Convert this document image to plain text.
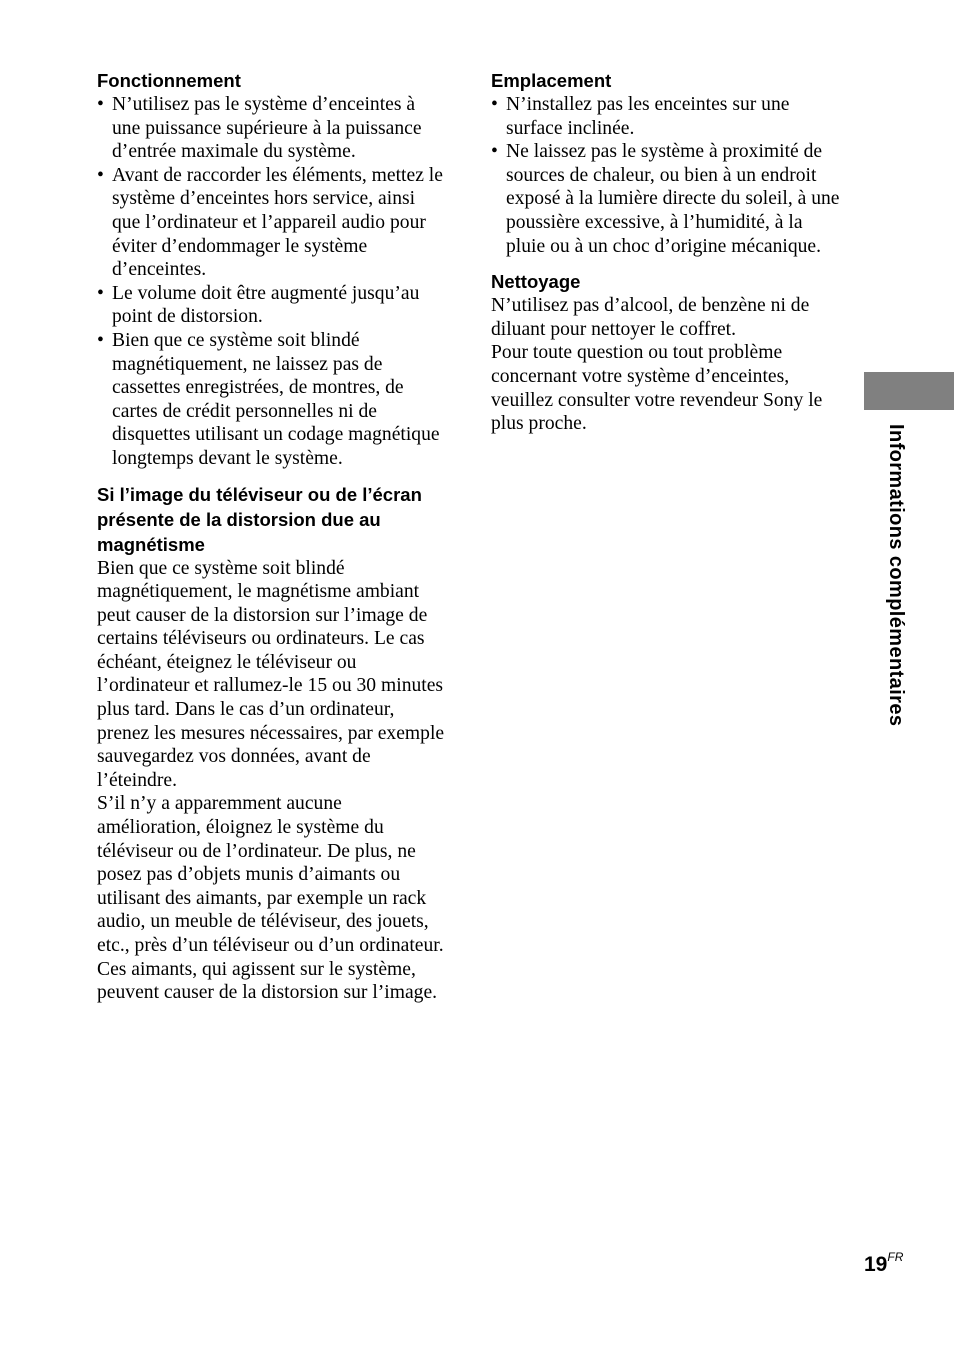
Fonctionnement
• N’utilisez pas le système d’enceintes à une puissance supérieure à la puissance d’entrée maximale du système.
• Avant de raccorder les éléments, mettez le système d’enceintes hors service, ainsi que l’ordinateur et l’appareil audio pour éviter d’endommager le système d’enceintes.
• Le volume doit être augmenté jusqu’au point de distorsion.
• Bien que ce système soit blindé magnétiquement, ne laissez pas de cassettes enregistrées, de montres, de cartes de crédit personnelles ni de disquettes utilisant un codage magnétique longtemps devant le système.
Si l’image du téléviseur ou de l’écran présente de la distorsion due au magnétisme

Bien que ce système soit blindé magnétiquement, le magnétisme ambiant peut causer de la distorsion sur l’image de certains téléviseurs ou ordinateurs. Le cas échéant, éteignez le téléviseur ou l’ordinateur et rallumez-le 15 ou 30 minutes plus tard. Dans le cas d’un ordinateur, prenez les mesures nécessaires, par exemple sauvegardez vos données, avant de l’éteindre.

S’il n’y a apparemment aucune amélioration, éloignez le système du téléviseur ou de l’ordinateur. De plus, ne posez pas d’objets munis d’aimants ou utilisant des aimants, par exemple un rack audio, un meuble de téléviseur, des jouets, etc., près d’un téléviseur ou d’un ordinateur. Ces aimants, qui agissent sur le système, peuvent causer de la distorsion sur l’image.

Emplacement
• N’installez pas les enceintes sur une surface inclinée.
• Ne laissez pas le système à proximité de sources de chaleur, ou bien à un endroit exposé à la lumière directe du soleil, à une poussière excessive, à l’humidité, à la pluie ou à un choc d’origine mécanique.
Nettoyage

N’utilisez pas d’alcool, de benzène ni de diluant pour nettoyer le coffret.

Pour toute question ou tout problème concernant votre système d’enceintes, veuillez consulter votre revendeur Sony le plus proche.

Informations complémentaires
$19^{FR}$
